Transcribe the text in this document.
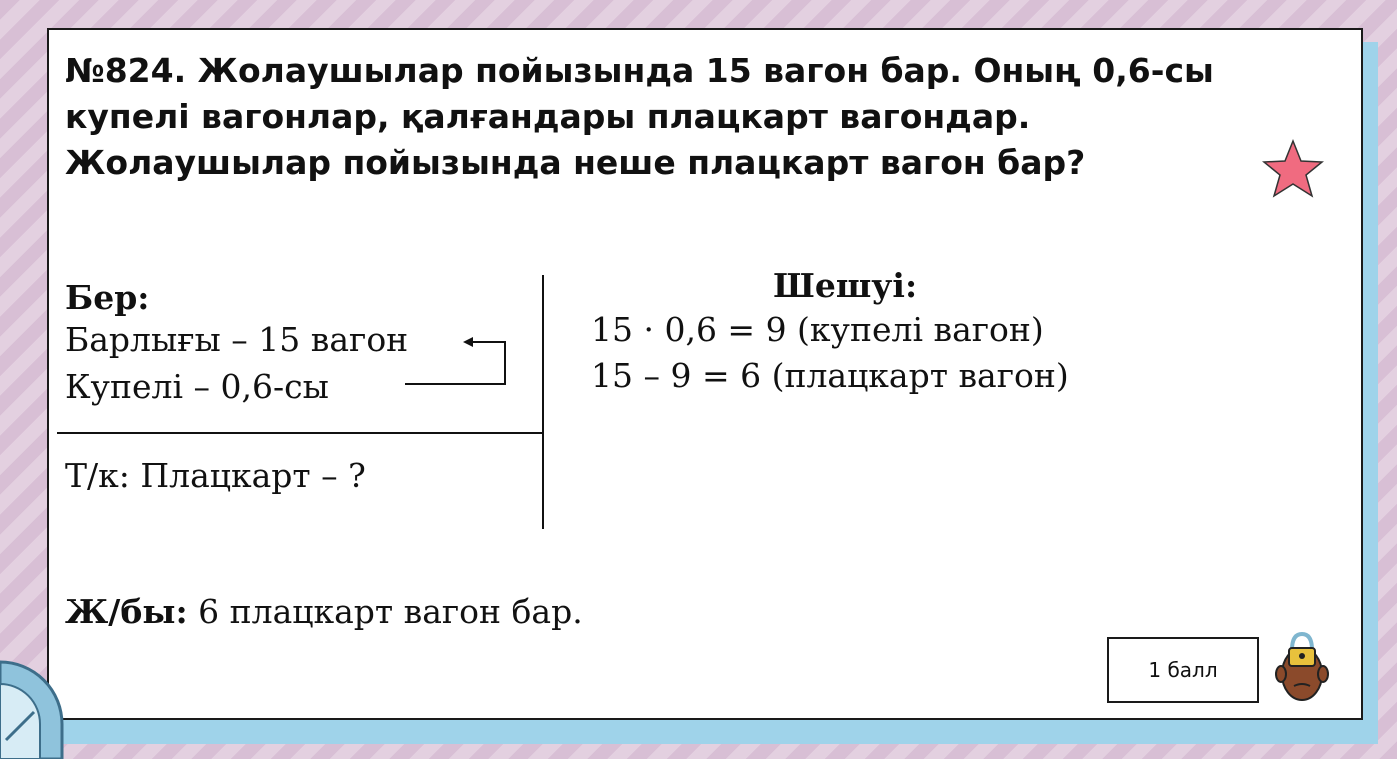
№824. Жолаушылар пойызында 15 вагон бар. Оның 0,6-сы купелі вагонлар, қалғандары плацкарт вагондар. Жолаушылар пойызында неше плацкарт вагон бар?
Бер:
Барлығы – 15 вагон
Купелі – 0,6-сы
Т/к: Плацкарт – ?
Шешуі:
15 · 0,6 = 9 (купелі вагон)
15 – 9 = 6 (плацкарт вагон)
Ж/бы: 6 плацкарт вагон бар.
1 балл
